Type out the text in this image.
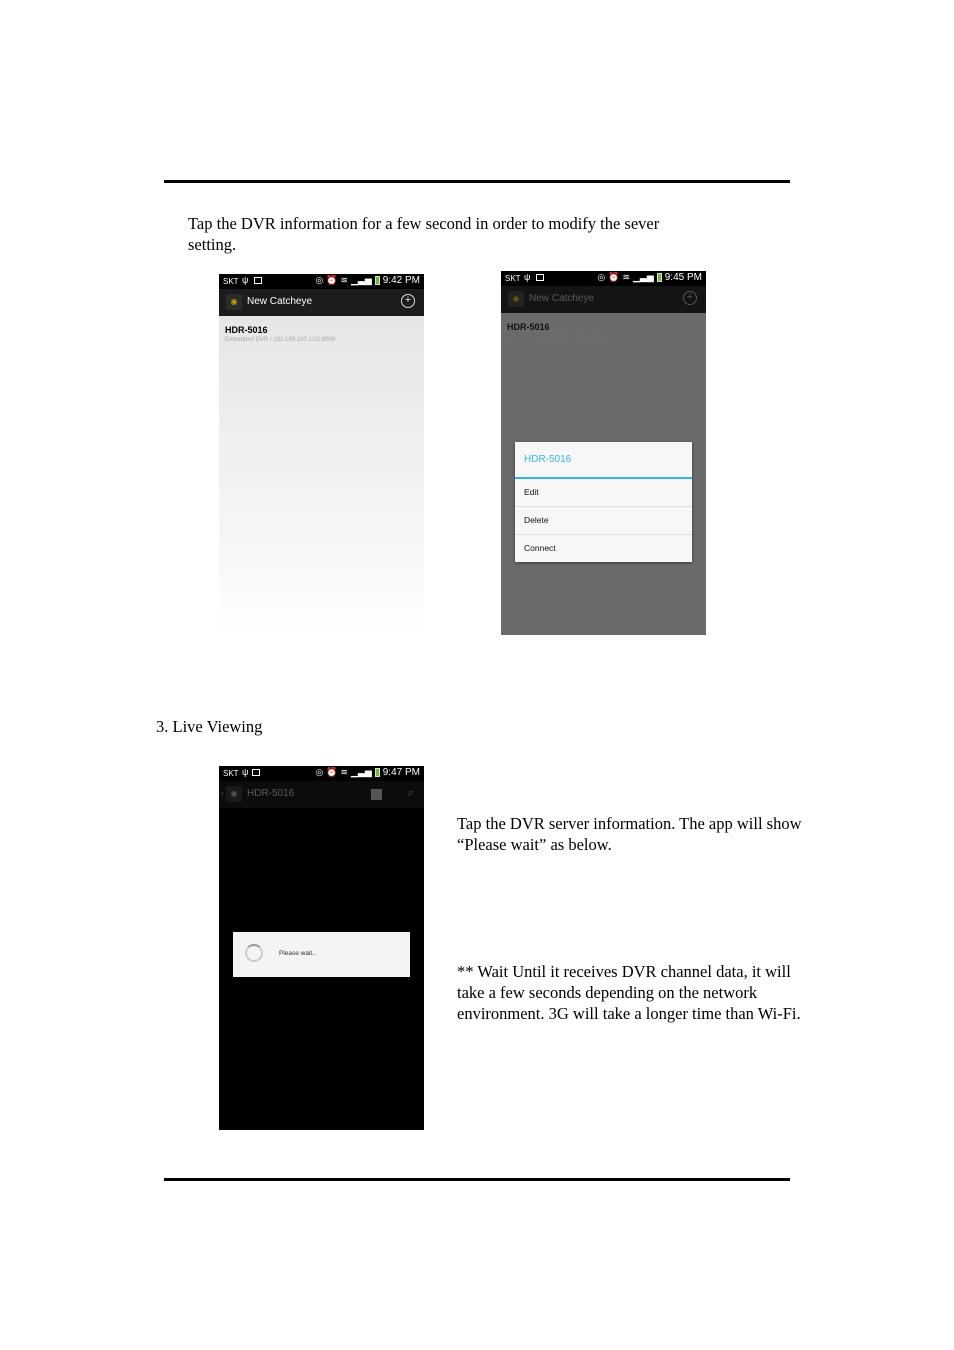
Tap the DVR information for a few second in order to modify the sever setting.

SKT ψ	◎ ⏰ ≋ ▁▃▅ 9:42 PM
◉ New Catcheye	+
HDR-5016
Embedded DVR / 192.168.100.1:02:8000
SKT ψ	◎ ⏰ ≋ ▁▃▅ 9:45 PM
◉ New Catcheye	+
HDR-5016
Embedded DVR / 192.168.100.1:02:8000
HDR-5016
Edit
Delete
Connect
3. Live Viewing
SKT ψ	◎ ⏰ ≋ ▁▃▅ 9:47 PM
‹ ◉ HDR-5016	⌕
Please wait..

Tap the DVR server information. The app will show “Please wait” as below.

** Wait Until it receives DVR channel data, it will take a few seconds depending on the network environment. 3G will take a longer time than Wi-Fi.
